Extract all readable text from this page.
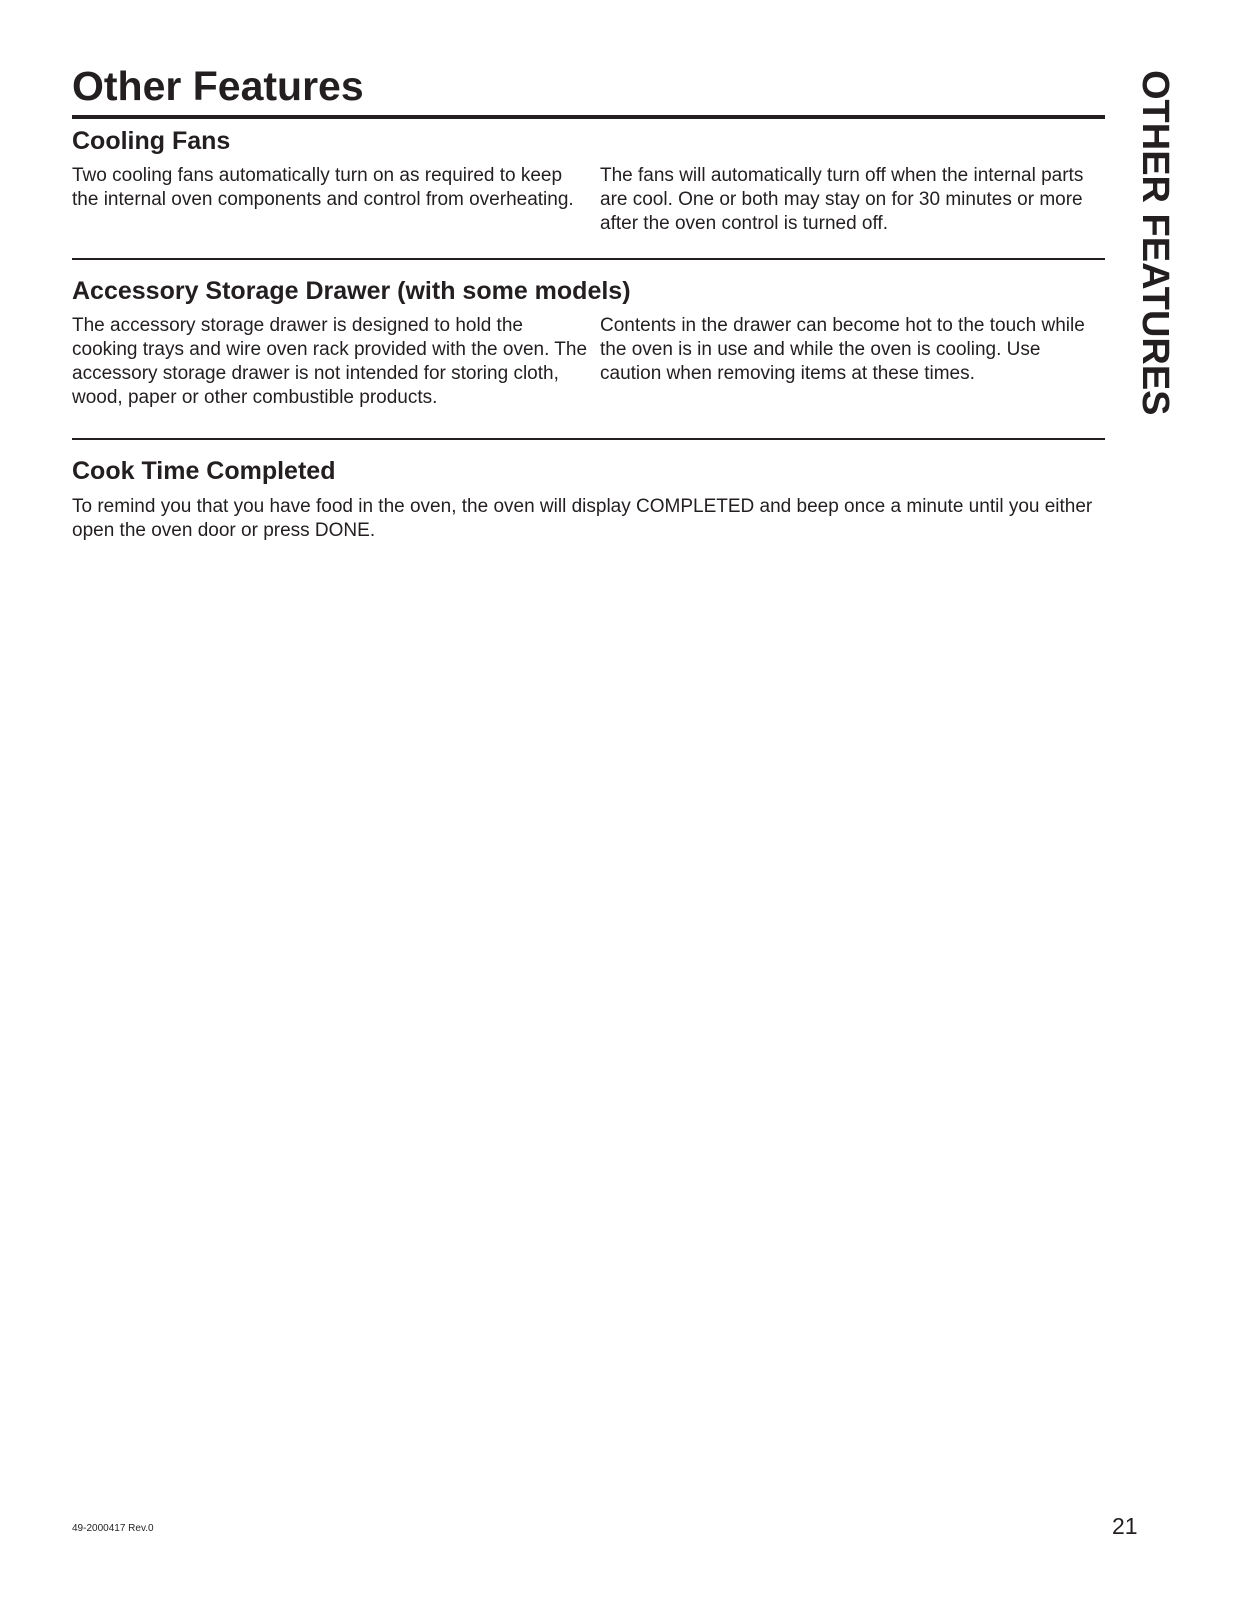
Other Features	OTHER FEATURES
Cooling Fans

Two cooling fans automatically turn on as required to keep the internal oven components and control from overheating.

The fans will automatically turn off when the internal parts are cool. One or both may stay on for 30 minutes or more after the oven control is turned off.

Accessory Storage Drawer (with some models)

The accessory storage drawer is designed to hold the cooking trays and wire oven rack provided with the oven. The accessory storage drawer is not intended for storing cloth, wood, paper or other combustible products.

Contents in the drawer can become hot to the touch while the oven is in use and while the oven is cooling. Use caution when removing items at these times.

Cook Time Completed

To remind you that you have food in the oven, the oven will display COMPLETED and beep once a minute until you either open the oven door or press DONE.

49-2000417 Rev.0	21
